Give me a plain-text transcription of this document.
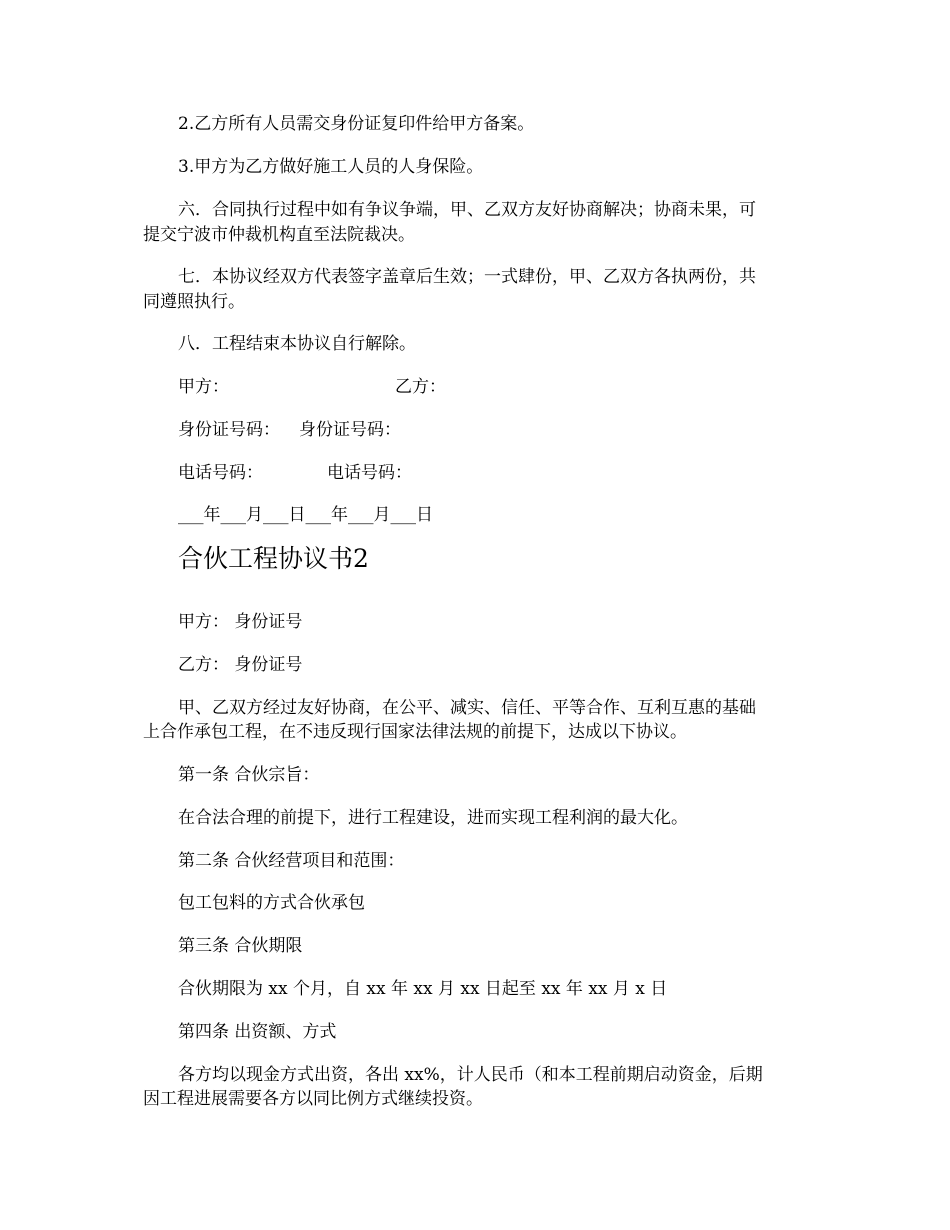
2.乙方所有人员需交身份证复印件给甲方备案。

3.甲方为乙方做好施工人员的人身保险。

六．合同执行过程中如有争议争端，甲、乙双方友好协商解决；协商未果，可

提交宁波市仲裁机构直至法院裁决。

七．本协议经双方代表签字盖章后生效；一式肆份，甲、乙双方各执两份，共

同遵照执行。

八．工程结束本协议自行解除。

甲方：	乙方：
身份证号码： 身份证号码：
电话号码：	电话号码：

___年___月___日___年___月___日

合伙工程协议书2

甲方： 身份证号

乙方： 身份证号

甲、乙双方经过友好协商，在公平、减实、信任、平等合作、互利互惠的基础

上合作承包工程，在不违反现行国家法律法规的前提下，达成以下协议。

第一条 合伙宗旨：

在合法合理的前提下，进行工程建设，进而实现工程利润的最大化。

第二条 合伙经营项目和范围：

包工包料的方式合伙承包

第三条 合伙期限

合伙期限为 xx 个月，自 xx 年 xx 月 xx 日起至 xx 年 xx 月 x 日

第四条 出资额、方式

各方均以现金方式出资，各出 xx%，计人民币（和本工程前期启动资金，后期

因工程进展需要各方以同比例方式继续投资。
